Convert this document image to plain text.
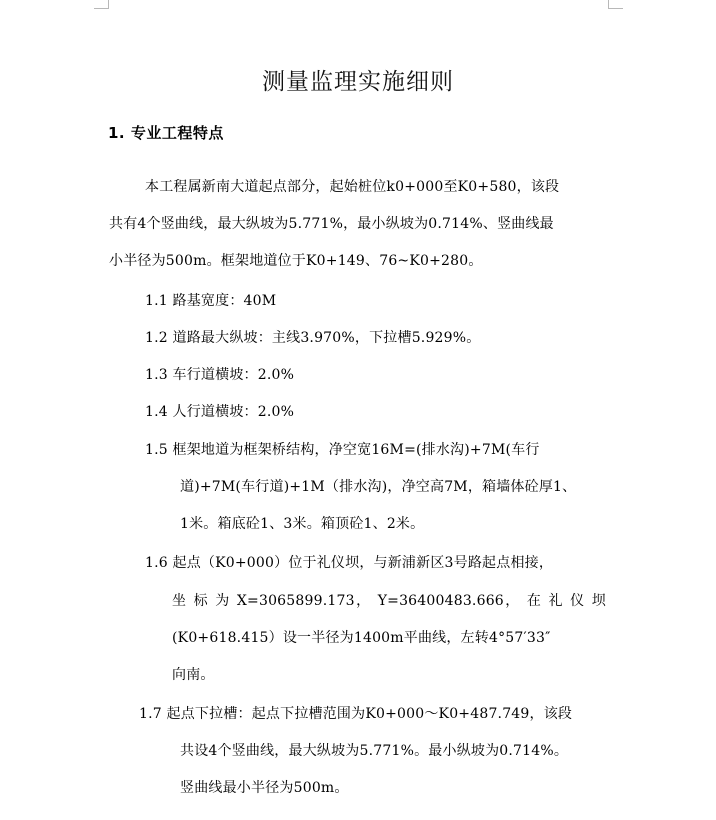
测量监理实施细则
1. 专业工程特点
本工程属新南大道起点部分，起始桩位k0+000至K0+580，该段
共有4个竖曲线，最大纵坡为5.771%，最小纵坡为0.714%、竖曲线最
小半径为500m。框架地道位于K0+149、76~K0+280。
1.1 路基宽度：40M
1.2 道路最大纵坡：主线3.970%，下拉槽5.929%。
1.3 车行道横坡：2.0%
1.4 人行道横坡：2.0%
1.5 框架地道为框架桥结构，净空宽16M=(排水沟)+7M(车行
道)+7M(车行道)+1M（排水沟)，净空高7M，箱墙体砼厚1、
1米。箱底砼1、3米。箱顶砼1、2米。
1.6 起点（K0+000）位于礼仪坝，与新浦新区3号路起点相接，
坐 标 为 X=3065899.173， Y=36400483.666， 在 礼 仪 坝
(K0+618.415）设一半径为1400m平曲线，左转4°57′33″
向南。
1.7 起点下拉槽：起点下拉槽范围为K0+000～K0+487.749，该段
共设4个竖曲线，最大纵坡为5.771%。最小纵坡为0.714%。
竖曲线最小半径为500m。
